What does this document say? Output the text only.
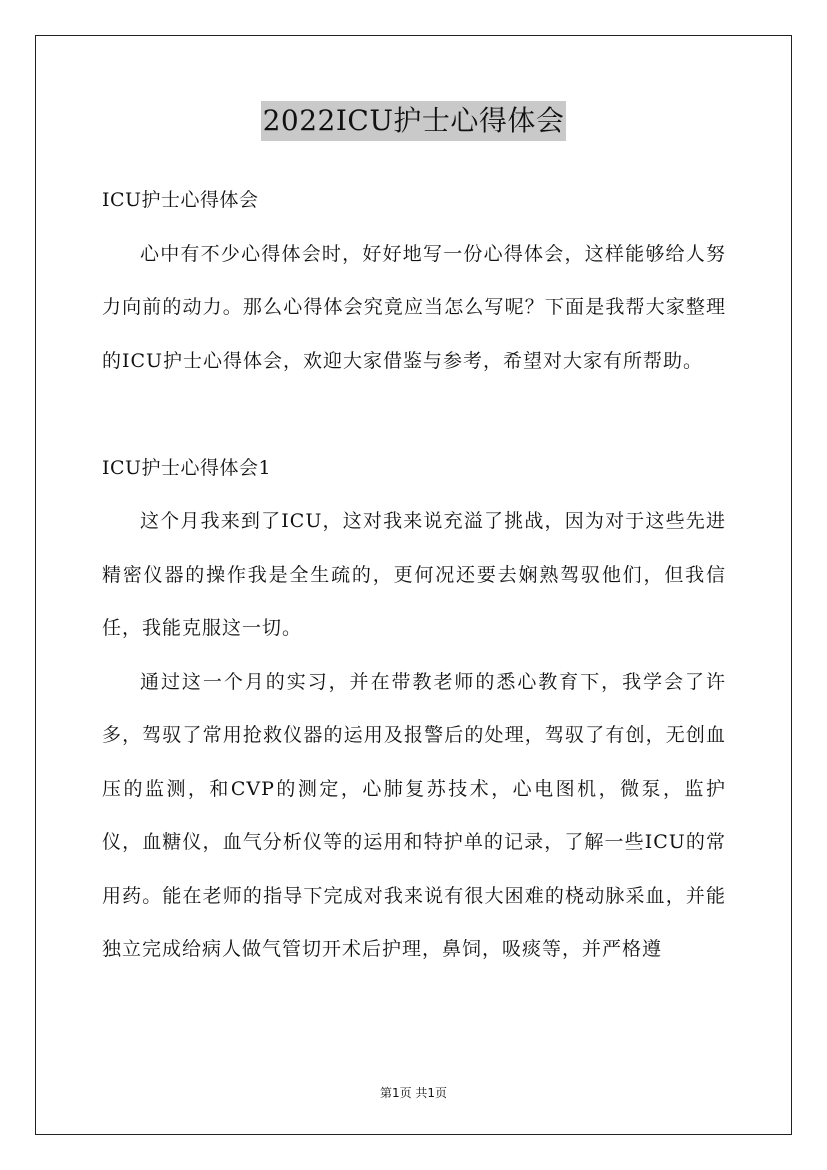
2022ICU护士心得体会

ICU护士心得体会

心中有不少心得体会时，好好地写一份心得体会，这样能够给人努力向前的动力。那么心得体会究竟应当怎么写呢？下面是我帮大家整理的ICU护士心得体会，欢迎大家借鉴与参考，希望对大家有所帮助。

ICU护士心得体会1

这个月我来到了ICU，这对我来说充溢了挑战，因为对于这些先进精密仪器的操作我是全生疏的，更何况还要去娴熟驾驭他们，但我信任，我能克服这一切。

通过这一个月的实习，并在带教老师的悉心教育下，我学会了许多，驾驭了常用抢救仪器的运用及报警后的处理，驾驭了有创，无创血压的监测，和CVP的测定，心肺复苏技术，心电图机，微泵，监护仪，血糖仪，血气分析仪等的运用和特护单的记录，了解一些ICU的常用药。能在老师的指导下完成对我来说有很大困难的桡动脉采血，并能独立完成给病人做气管切开术后护理，鼻饲，吸痰等，并严格遵

第1页 共1页
